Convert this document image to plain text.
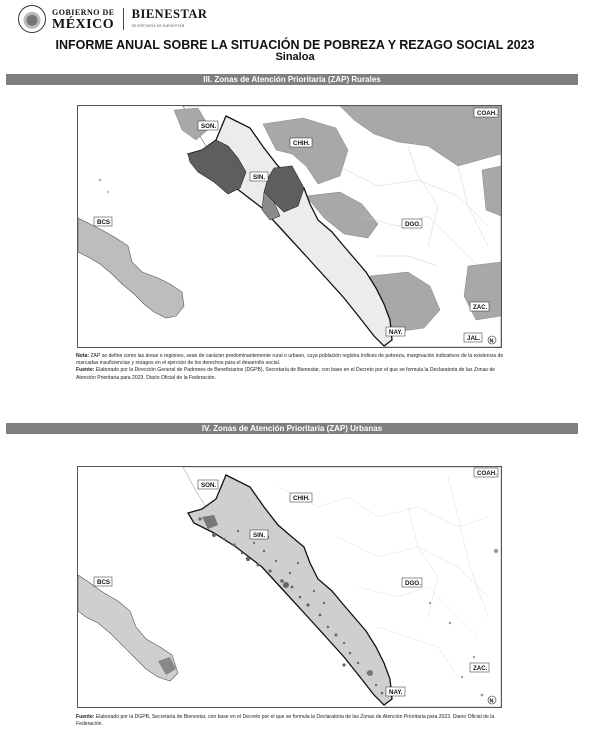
GOBIERNO DE
MÉXICO
BIENESTAR
SECRETARÍA DE BIENESTAR
INFORME ANUAL SOBRE LA SITUACIÓN DE POBREZA Y REZAGO SOCIAL 2023
Sinaloa
III. Zonas de Atención Prioritaria (ZAP) Rurales
SON.
CHIH.
COAH.
SIN.
BCS	DGO.
ZAC.
NAY.
JAL. N
Nota: ZAP se define como las áreas o regiones, sean de carácter predominantemente rural o urbano, cuya población registra índices de pobreza, marginación indicativos de la existencia de marcadas insuficiencias y rezagos en el ejercicio de los derechos para el desarrollo social.
Fuente: Elaborado por la Dirección General de Padrones de Beneficiarios (DGPB), Secretaría de Bienestar, con base en el Decreto por el que se formula la Declaratoria de las Zonas de Atención Prioritaria para 2023. Diario Oficial de la Federación.
IV. Zonas de Atención Prioritaria (ZAP) Urbanas
SON.
CHIH.
COAH.
SIN.
BCS	DGO.
ZAC.
NAY.
N
Fuente: Elaborado por la DGPB, Secretaría de Bienestar, con base en el Decreto por el que se formula la Declaratoria de las Zonas de Atención Prioritaria para 2023. Diario Oficial de la Federación.
